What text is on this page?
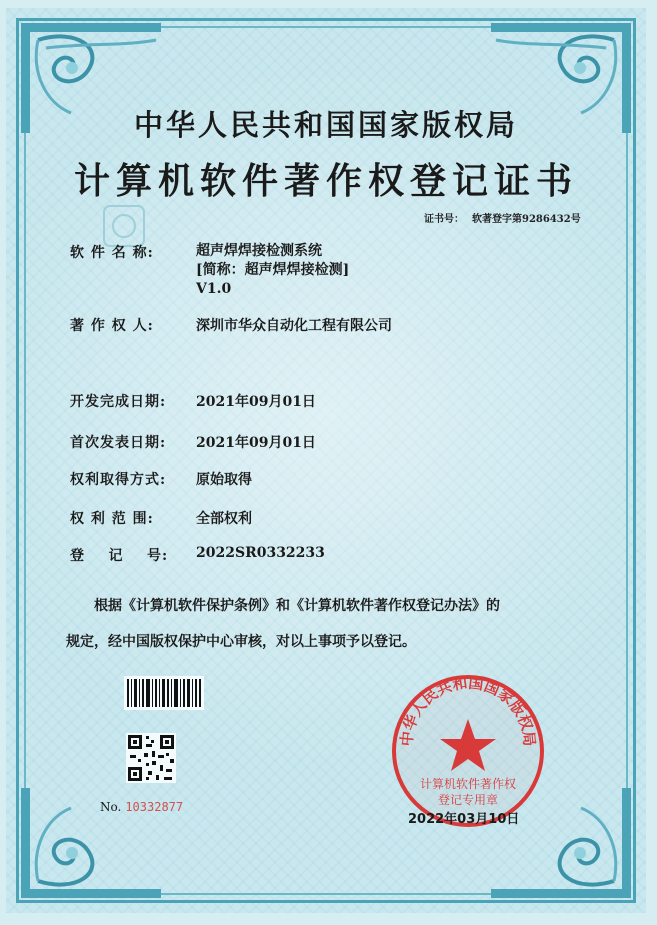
中华人民共和国国家版权局
计算机软件著作权登记证书
证书号： 软著登字第9286432号
软 件 名 称:	超声焊焊接检测系统
[简称：超声焊焊接检测]
V1.0
著 作 权 人:	深圳市华众自动化工程有限公司
开发完成日期: 2021年09月01日
首次发表日期: 2021年09月01日
权利取得方式: 原始取得
权 利 范 围:	全部权利
登    记    号: 2022SR0332233
根据《计算机软件保护条例》和《计算机软件著作权登记办法》的
规定，经中国版权保护中心审核，对以上事项予以登记。
No. 10332877
中华人民共和国国家版权局
计算机软件著作权
登记专用章
2022年03月10日
